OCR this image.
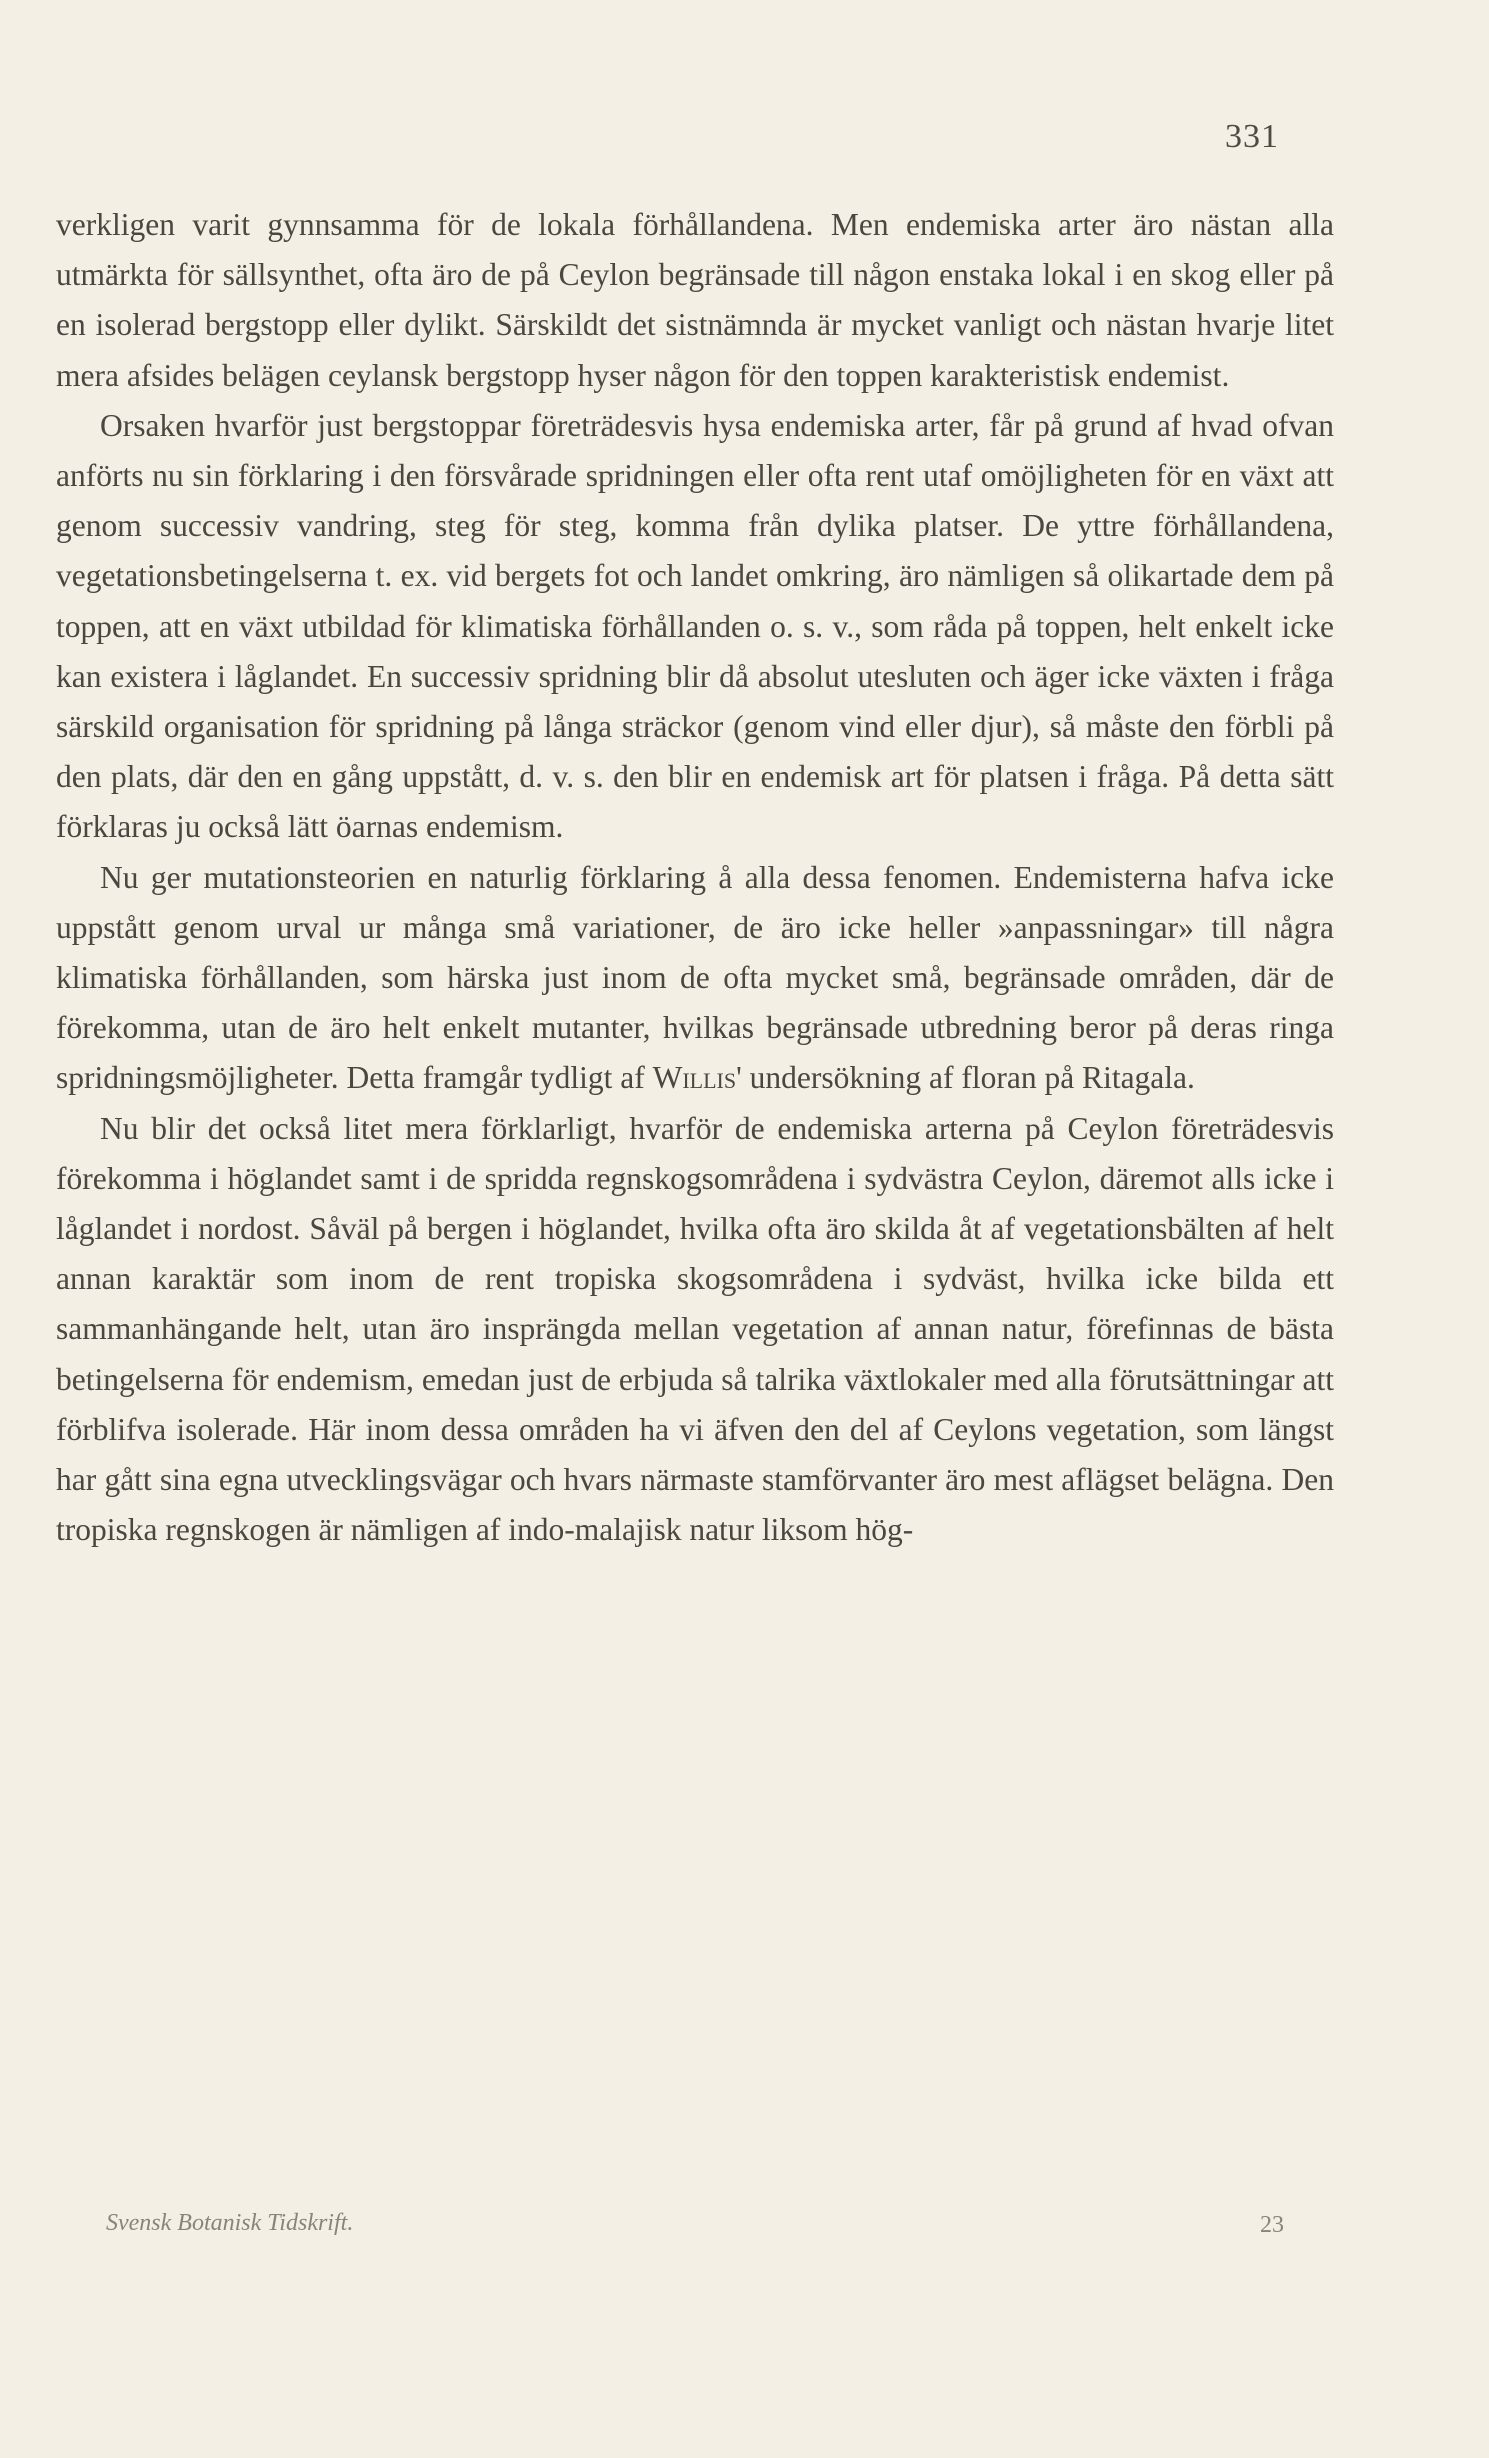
331

verkligen varit gynnsamma för de lokala förhållandena. Men endemiska arter äro nästan alla utmärkta för sällsynthet, ofta äro de på Ceylon begränsade till någon enstaka lokal i en skog eller på en isolerad bergstopp eller dylikt. Särskildt det sistnämnda är mycket vanligt och nästan hvarje litet mera afsides belägen ceylansk bergstopp hyser någon för den toppen karakteristisk endemist.

Orsaken hvarför just bergstoppar företrädesvis hysa endemiska arter, får på grund af hvad ofvan anförts nu sin förklaring i den försvårade spridningen eller ofta rent utaf omöjligheten för en växt att genom successiv vandring, steg för steg, komma från dylika platser. De yttre förhållandena, vegetationsbetingelserna t. ex. vid bergets fot och landet omkring, äro nämligen så olikartade dem på toppen, att en växt utbildad för klimatiska förhållanden o. s. v., som råda på toppen, helt enkelt icke kan existera i låglandet. En successiv spridning blir då absolut utesluten och äger icke växten i fråga särskild organisation för spridning på långa sträckor (genom vind eller djur), så måste den förbli på den plats, där den en gång uppstått, d. v. s. den blir en endemisk art för platsen i fråga. På detta sätt förklaras ju också lätt öarnas endemism.

Nu ger mutationsteorien en naturlig förklaring å alla dessa fenomen. Endemisterna hafva icke uppstått genom urval ur många små variationer, de äro icke heller »anpassningar» till några klimatiska förhållanden, som härska just inom de ofta mycket små, begränsade områden, där de förekomma, utan de äro helt enkelt mutanter, hvilkas begränsade utbredning beror på deras ringa spridningsmöjligheter. Detta framgår tydligt af Willis' undersökning af floran på Ritagala.

Nu blir det också litet mera förklarligt, hvarför de endemiska arterna på Ceylon företrädesvis förekomma i höglandet samt i de spridda regnskogsområdena i sydvästra Ceylon, däremot alls icke i låglandet i nordost. Såväl på bergen i höglandet, hvilka ofta äro skilda åt af vegetationsbälten af helt annan karaktär som inom de rent tropiska skogsområdena i sydväst, hvilka icke bilda ett sammanhängande helt, utan äro insprängda mellan vegetation af annan natur, förefinnas de bästa betingelserna för endemism, emedan just de erbjuda så talrika växtlokaler med alla förutsättningar att förblifva isolerade. Här inom dessa områden ha vi äfven den del af Ceylons vegetation, som längst har gått sina egna utvecklingsvägar och hvars närmaste stamförvanter äro mest aflägset belägna. Den tropiska regnskogen är nämligen af indo-malajisk natur liksom hög-

Svensk Botanisk Tidskrift.	23
